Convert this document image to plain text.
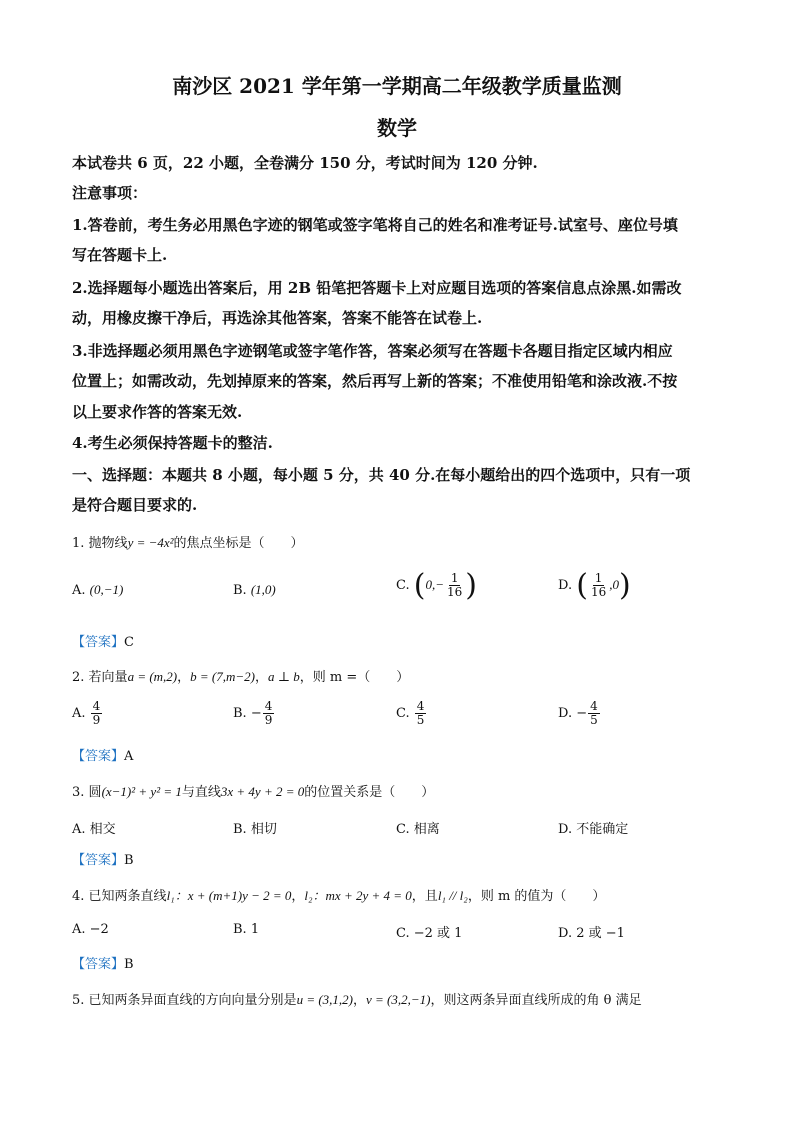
南沙区 2021 学年第一学期高二年级教学质量监测
数学
本试卷共 6 页，22 小题，全卷满分 150 分，考试时间为 120 分钟.
注意事项：
1.答卷前，考生务必用黑色字迹的钢笔或签字笔将自己的姓名和准考证号.试室号、座位号填
写在答题卡上.
2.选择题每小题选出答案后，用 2B 铅笔把答题卡上对应题目选项的答案信息点涂黑.如需改
动，用橡皮擦干净后，再选涂其他答案，答案不能答在试卷上.
3.非选择题必须用黑色字迹钢笔或签字笔作答，答案必须写在答题卡各题目指定区域内相应
位置上；如需改动，先划掉原来的答案，然后再写上新的答案；不准使用铅笔和涂改液.不按
以上要求作答的答案无效.
4.考生必须保持答题卡的整洁.
一、选择题：本题共 8 小题，每小题 5 分，共 40 分.在每小题给出的四个选项中，只有一项
是符合题目要求的.
1. 抛物线y = −4x²的焦点坐标是（　　）
A. (0,−1)	B. (1,0)	C. ($0,- \frac{1}{16}$ )	D. ( $\frac{1}{16} ,0$)
【答案】C
2. 若向量a = (m,2)，b = (7,m−2)，a ⊥ b，则 m =（　　）
A. $\frac{4}{9}$	B. − $\frac{4}{9}$	C. $\frac{4}{5}$	D. − $\frac{4}{5}$
【答案】A
3. 圆(x−1)² + y² = 1与直线3x + 4y + 2 = 0的位置关系是（　　）
A. 相交	B. 相切	C. 相离	D. 不能确定
【答案】B
4. 已知两条直线l₁：x + (m+1)y − 2 = 0，l₂：mx + 2y + 4 = 0，且l₁ // l₂，则 m 的值为（　　）
A. −2	B. 1	C. −2 或 1	D. 2 或 −1
【答案】B
5. 已知两条异面直线的方向向量分别是u = (3,1,2)，v = (3,2,−1)，则这两条异面直线所成的角 θ 满足
